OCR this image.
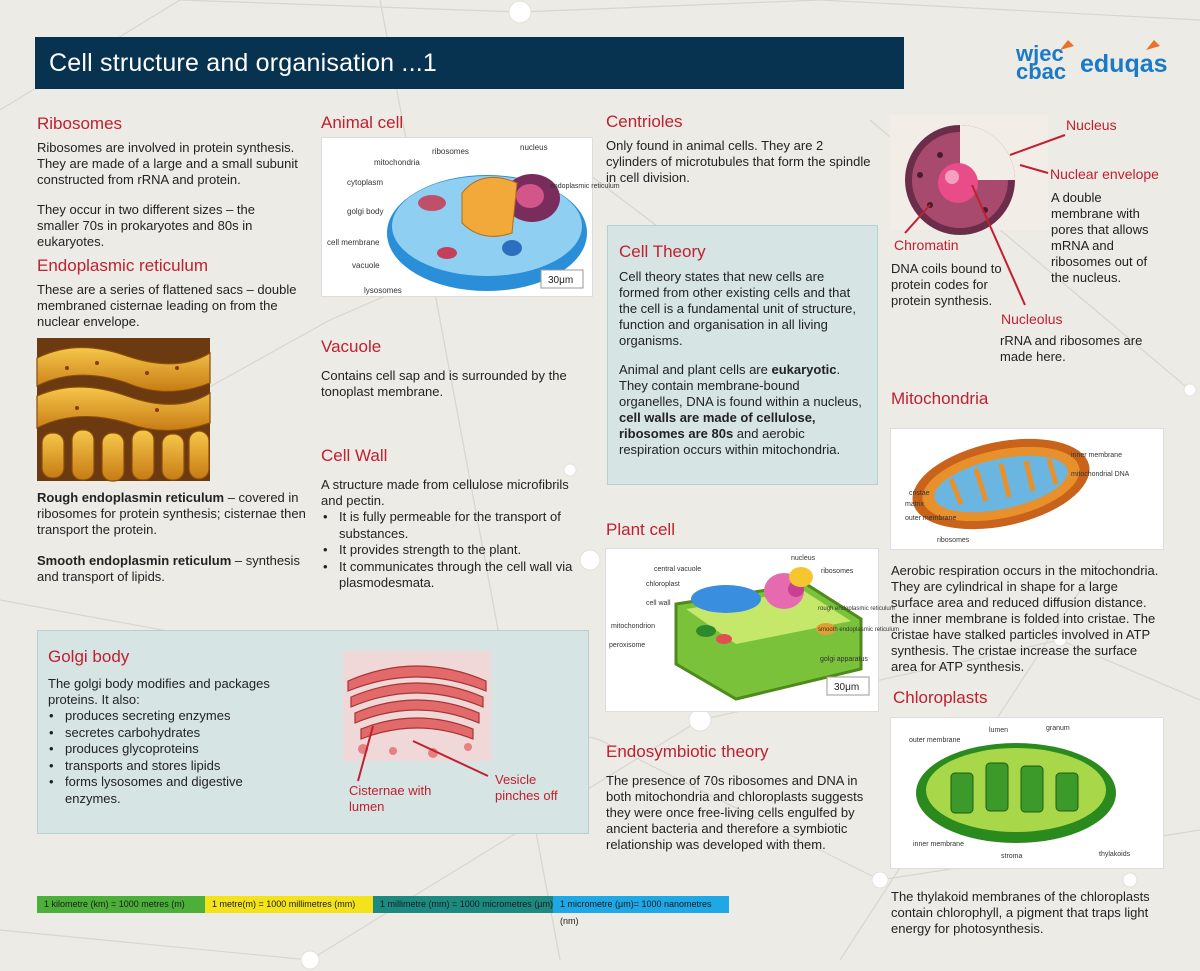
Cell structure and organisation ...1	wjec
cbac eduqas
Ribosomes

Ribosomes are involved in protein synthesis. They are made of a large and a small subunit constructed from rRNA and protein.

They occur in two different sizes – the smaller 70s in prokaryotes and 80s in eukaryotes.

Endoplasmic reticulum

These are a series of flattened sacs – double membraned cisternae leading on from the nuclear envelope.

Rough endoplasmin reticulum – covered in ribosomes for protein synthesis; cisternae then transport the protein.

Smooth endoplasmin reticulum – synthesis and transport of lipids.

Animal cell
ribosomes	nucleus
mitochondria
cytoplasm	endoplasmic reticulum
golgi body
cell membrane
vacuole
lysosomes
30μm
Vacuole

Contains cell sap and is surrounded by the tonoplast membrane.

Cell Wall

A structure made from cellulose microfibrils and pectin.

• It is fully permeable for the transport of substances.
• It provides strength to the plant.
• It communicates through the cell wall via plasmodesmata.
Centrioles

Only found in animal cells. They are 2 cylinders of microtubules that form the spindle in cell division.

Cell Theory

Cell theory states that new cells are formed from other existing cells and that the cell is a fundamental unit of structure, function and organisation in all living organisms.

Animal and plant cells are eukaryotic. They contain membrane-bound organelles, DNA is found within a nucleus, cell walls are made of cellulose, ribosomes are 80s and aerobic respiration occurs within mitochondria.

Plant cell
nucleus
central vacuole	ribosomes
chloroplast
cell wall
rough endoplasmic reticulum
mitochondrion	smooth endoplasmic reticulum
peroxisome
golgi apparatus
30μm
Endosymbiotic theory

The presence of 70s ribosomes and DNA in both mitochondria and chloroplasts suggests they were once free-living cells engulfed by ancient bacteria and therefore a symbiotic relationship was developed with them.

Nucleus
Nuclear envelope

A double membrane with pores that allows mRNA and ribosomes out of the nucleus.

Chromatin

DNA coils bound to protein codes for protein synthesis.

Nucleolus

rRNA and ribosomes are made here.

Mitochondria
inner membrane
mitochondrial DNA
cristae
matrix
outer membrane
ribosomes

Aerobic respiration occurs in the mitochondria. They are cylindrical in shape for a large surface area and reduced diffusion distance. the inner membrane is folded into cristae. The cristae have stalked particles involved in ATP synthesis. The cristae increase the surface area for ATP synthesis.

Chloroplasts
outer membrane
lumen	granum
inner membrane
stroma	thylakoids

The thylakoid membranes of the chloroplasts contain chlorophyll, a pigment that traps light energy for photosynthesis.

Golgi body

The golgi body modifies and packages proteins. It also:

• produces secreting enzymes
• secretes carbohydrates
• produces glycoproteins
• transports and stores lipids
• forms lysosomes and digestive enzymes.	Cisternae with lumen
Vesicle pinches off
1 kilometre (km) = 1000 metres (m)	1 metre(m) = 1000 millimetres (mm)	1 millimetre (mm) = 1000 micrometres (μm) 1 micrometre (μm)= 1000 nanometres (nm)
